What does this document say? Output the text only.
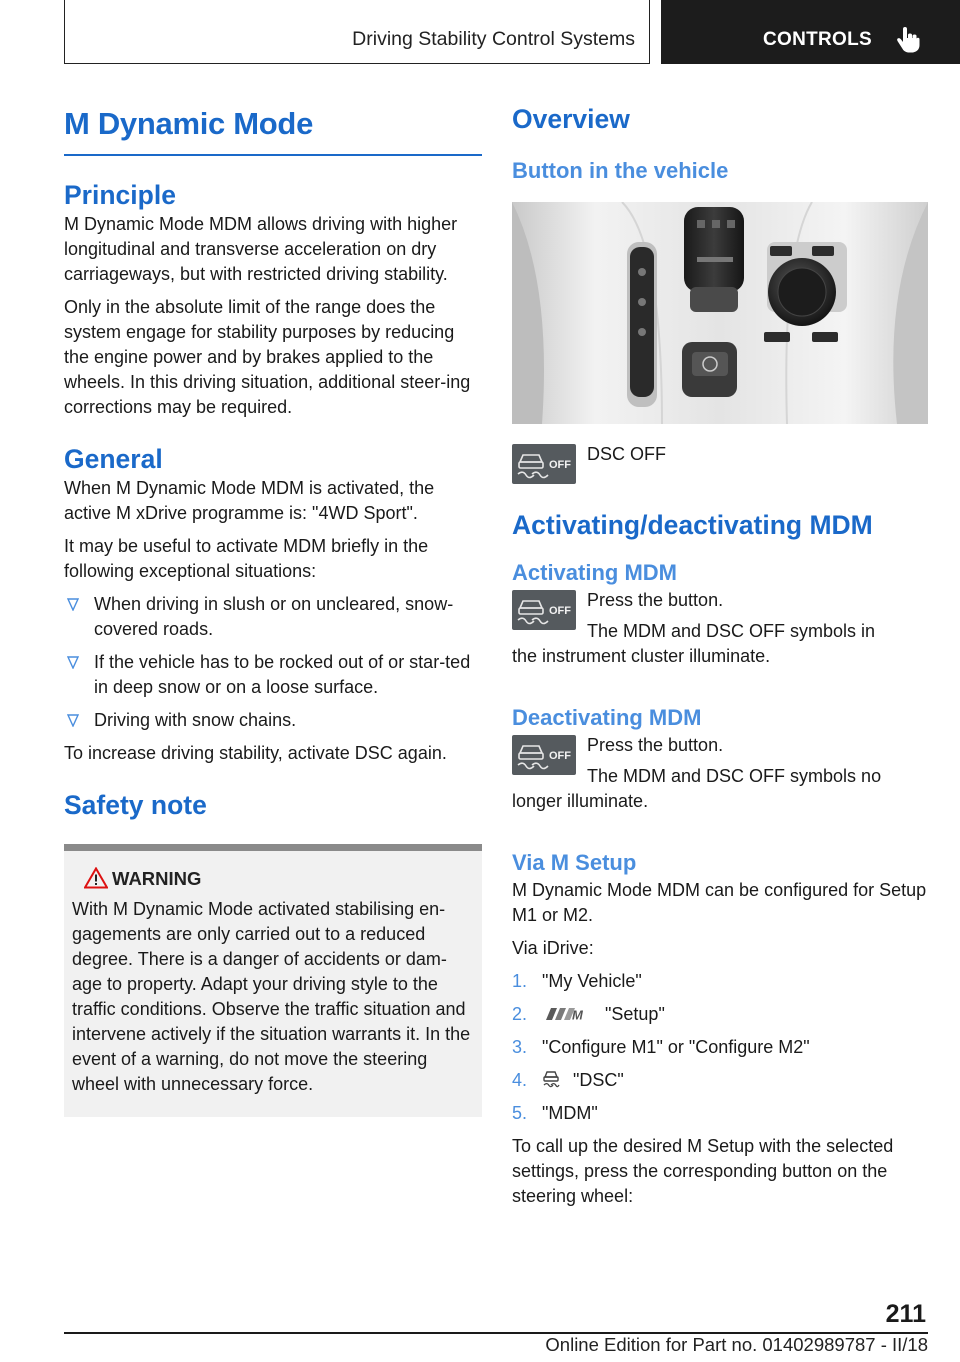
Driving Stability Control Systems	CONTROLS
M Dynamic Mode
Principle
M Dynamic Mode MDM allows driving with higher longitudinal and transverse acceleration on dry carriageways, but with restricted driving stability.
Only in the absolute limit of the range does the system engage for stability purposes by reducing the engine power and by brakes applied to the wheels. In this driving situation, additional steer-ing corrections may be required.
General
When M Dynamic Mode MDM is activated, the active M xDrive programme is: "4WD Sport".
It may be useful to activate MDM briefly in the following exceptional situations:
When driving in slush or on uncleared, snow-covered roads.
If the vehicle has to be rocked out of or star-ted in deep snow or on a loose surface.
Driving with snow chains.
To increase driving stability, activate DSC again.
Safety note
WARNING
With M Dynamic Mode activated stabilising en-gagements are only carried out to a reduced degree. There is a danger of accidents or dam-age to property. Adapt your driving style to the traffic conditions. Observe the traffic situation and intervene actively if the situation warrants it. In the event of a warning, do not move the steering wheel with unnecessary force.
Overview
Button in the vehicle
OFF
DSC OFF
Activating/deactivating MDM
Activating MDM
OFF
Press the button.
The MDM and DSC OFF symbols in
the instrument cluster illuminate.
Deactivating MDM
OFF
Press the button.
The MDM and DSC OFF symbols no
longer illuminate.
Via M Setup
M Dynamic Mode MDM can be configured for Setup M1 or M2.
Via iDrive:
1. "My Vehicle"
2.	M "Setup"
3. "Configure M1" or "Configure M2"
4.	"DSC"
5. "MDM"
To call up the desired M Setup with the selected settings, press the corresponding button on the steering wheel:
211
Online Edition for Part no. 01402989787 - II/18
